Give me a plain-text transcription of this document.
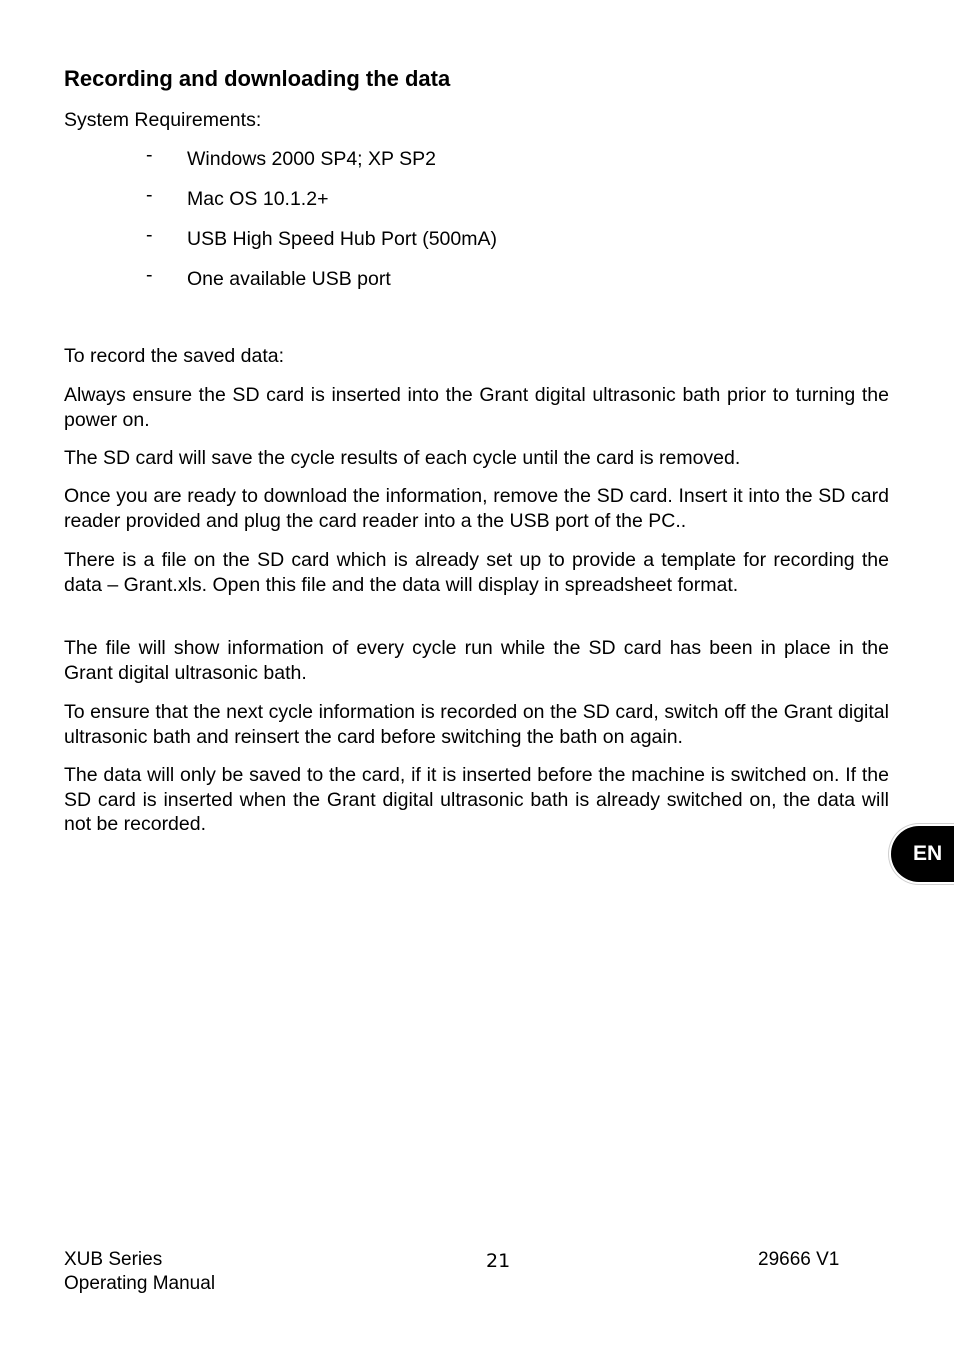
Recording and downloading the data

System Requirements:

- Windows 2000 SP4; XP SP2
- Mac OS 10.1.2+
- USB High Speed Hub Port (500mA)
- One available USB port

To record the saved data:

Always ensure the SD card is inserted into the Grant digital ultrasonic bath prior to turning the power on.

The SD card will save the cycle results of each cycle until the card is removed.

Once you are ready to download the information, remove the SD card. Insert it into the SD card reader provided and plug the card reader into a the USB port of the PC..

There is a file on the SD card which is already set up to provide a template for recording the data – Grant.xls. Open this file and the data will display in spreadsheet format.

The file will show information of every cycle run while the SD card has been in place in the Grant digital ultrasonic bath.

To ensure that the next cycle information is recorded on the SD card, switch off the Grant digital ultrasonic bath and reinsert the card before switching the bath on again.

The data will only be saved to the card, if it is inserted before the machine is switched on. If the SD card is inserted when the Grant digital ultrasonic bath is already switched on, the data will not be recorded.

EN
XUB Series
Operating Manual
21	29666 V1
